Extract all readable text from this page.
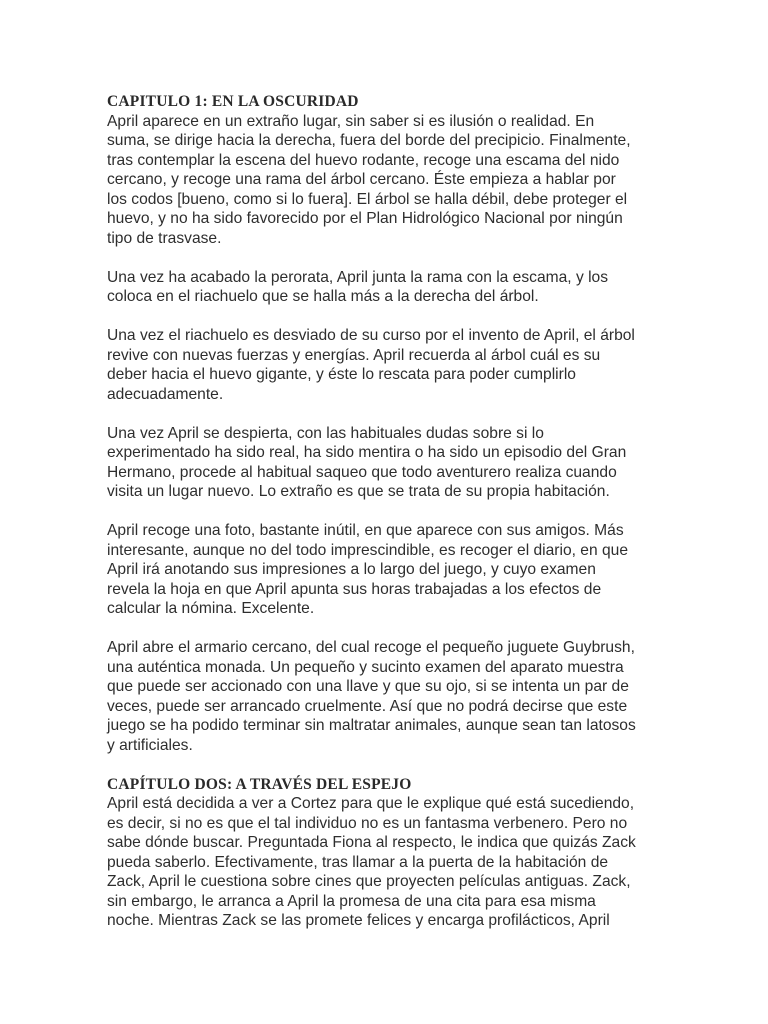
CAPITULO 1: EN LA OSCURIDAD

April aparece en un extraño lugar, sin saber si es ilusión o realidad. En
suma, se dirige hacia la derecha, fuera del borde del precipicio. Finalmente,
tras contemplar la escena del huevo rodante, recoge una escama del nido
cercano, y recoge una rama del árbol cercano. Éste empieza a hablar por
los codos [bueno, como si lo fuera]. El árbol se halla débil, debe proteger el
huevo, y no ha sido favorecido por el Plan Hidrológico Nacional por ningún
tipo de trasvase.

Una vez ha acabado la perorata, April junta la rama con la escama, y los
coloca en el riachuelo que se halla más a la derecha del árbol.

Una vez el riachuelo es desviado de su curso por el invento de April, el árbol
revive con nuevas fuerzas y energías. April recuerda al árbol cuál es su
deber hacia el huevo gigante, y éste lo rescata para poder cumplirlo
adecuadamente.

Una vez April se despierta, con las habituales dudas sobre si lo
experimentado ha sido real, ha sido mentira o ha sido un episodio del Gran
Hermano, procede al habitual saqueo que todo aventurero realiza cuando
visita un lugar nuevo. Lo extraño es que se trata de su propia habitación.

April recoge una foto, bastante inútil, en que aparece con sus amigos. Más
interesante, aunque no del todo imprescindible, es recoger el diario, en que
April irá anotando sus impresiones a lo largo del juego, y cuyo examen
revela la hoja en que April apunta sus horas trabajadas a los efectos de
calcular la nómina. Excelente.

April abre el armario cercano, del cual recoge el pequeño juguete Guybrush,
una auténtica monada. Un pequeño y sucinto examen del aparato muestra
que puede ser accionado con una llave y que su ojo, si se intenta un par de
veces, puede ser arrancado cruelmente. Así que no podrá decirse que este
juego se ha podido terminar sin maltratar animales, aunque sean tan latosos
y artificiales.

CAPÍTULO DOS: A TRAVÉS DEL ESPEJO

April está decidida a ver a Cortez para que le explique qué está sucediendo,
es decir, si no es que el tal individuo no es un fantasma verbenero. Pero no
sabe dónde buscar. Preguntada Fiona al respecto, le indica que quizás Zack
pueda saberlo. Efectivamente, tras llamar a la puerta de la habitación de
Zack, April le cuestiona sobre cines que proyecten películas antiguas. Zack,
sin embargo, le arranca a April la promesa de una cita para esa misma
noche. Mientras Zack se las promete felices y encarga profilácticos, April
